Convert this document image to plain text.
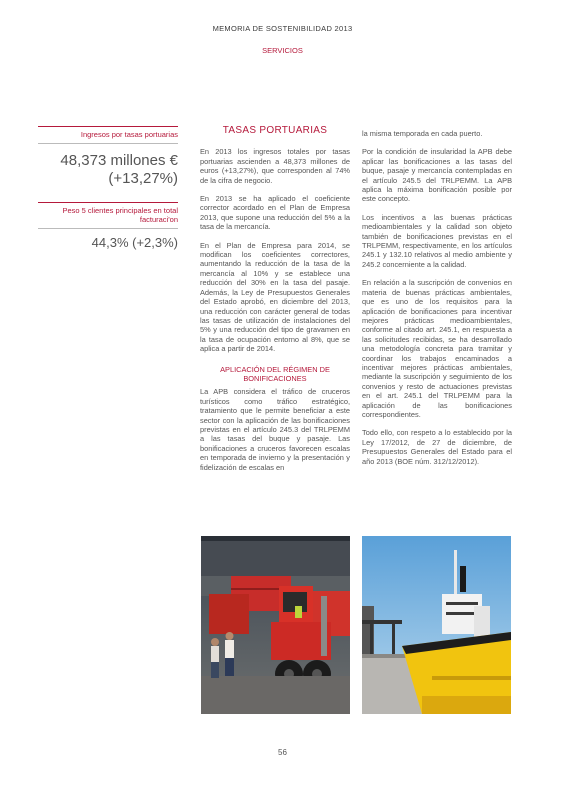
MEMORIA DE SOSTENIBILIDAD 2013
SERVICIOS
Ingresos por tasas portuarias
48,373 millones €
(+13,27%)
Peso 5 clientes principales en total facturaci'on
44,3% (+2,3%)
TASAS PORTUARIAS

En 2013 los ingresos totales por tasas portuarias ascienden a 48,373 millones de euros (+13,27%), que corresponden al 74% de la cifra de negocio.

En 2013 se ha aplicado el coeficiente corrector acordado en el Plan de Empresa 2013, que supone una reducción del 5% a la tasa de la mercancía.

En el Plan de Empresa para 2014, se modifican los coeficientes correctores, aumentando la reducción de la tasa de la mercancía al 10% y se establece una reducción del 30% en la tasa del pasaje. Además, la Ley de Presupuestos Generales del Estado aprobó, en diciembre del 2013, una reducción con carácter general de todas las tasas de utilización de instalaciones del 5% y una reducción del tipo de gravamen en la tasa de ocupación entorno al 8%, que se aplica a partir de 2014.

APLICACIÓN DEL RÉGIMEN DE BONIFICACIONES

La APB considera el tráfico de cruceros turísticos como tráfico estratégico, tratamiento que le permite beneficiar a este sector con la aplicación de las bonificaciones previstas en el artículo 245.3 del TRLPEMM a las tasas del buque y pasaje. Las bonificaciones a cruceros favorecen escalas en temporada de invierno y la presentación y fidelización de escalas en

la misma temporada en cada puerto.

Por la condición de insularidad la APB debe aplicar las bonificaciones a las tasas del buque, pasaje y mercancía contempladas en el artículo 245.5 del TRLPEMM. La APB aplica la máxima bonificación posible por este concepto.

Los incentivos a las buenas prácticas medioambientales y la calidad son objeto también de bonificaciones previstas en el TRLPEMM, respectivamente, en los artículos 245.1 y 132.10 relativos al medio ambiente y 245.2 concerniente a la calidad.

En relación a la suscripción de convenios en materia de buenas prácticas ambientales, que es uno de los requisitos para la aplicación de bonificaciones para incentivar mejores prácticas medioambientales, conforme al citado art. 245.1, en respuesta a las solicitudes recibidas, se ha desarrollado una metodología concreta para tramitar y coordinar los trabajos encaminados a incentivar mejores prácticas ambientales, mediante la suscripción y seguimiento de los convenios y resto de actuaciones previstas en el art. 245.1 del TRLPEMM para la aplicación de las bonificaciones correspondientes.

Todo ello, con respeto a lo establecido por la Ley 17/2012, de 27 de diciembre, de Presupuestos Generales del Estado para el año 2013 (BOE núm. 312/12/2012).

56
